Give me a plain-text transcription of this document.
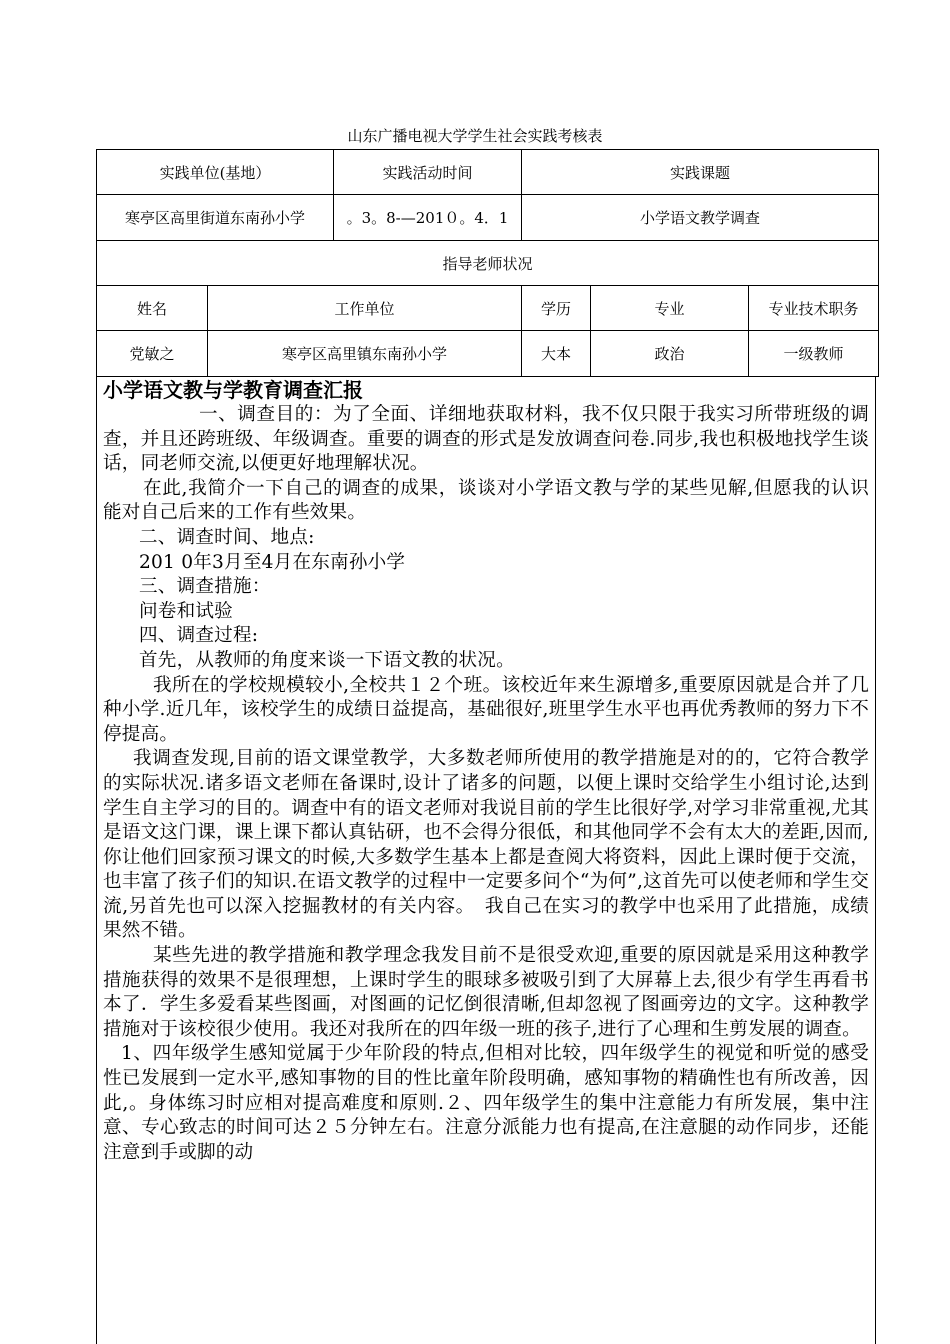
山东广播电视大学学生社会实践考核表
实践单位(基地）		实践活动时间	实践课题		
寒亭区高里街道东南孙小学		。3。8-—201０。4．1	小学语文教学调查		
指导老师状况					
姓名	工作单位		学历	专业	专业技术职务
党敏之	寒亭区高里镇东南孙小学		大本	政治	一级教师
小学语文教与学教育调查汇报

一、调查目的：为了全面、详细地获取材料，我不仅只限于我实习所带班级的调查，并且还跨班级、年级调查。重要的调查的形式是发放调查问卷.同步,我也积极地找学生谈话，同老师交流,以便更好地理解状况。

在此,我简介一下自己的调查的成果，谈谈对小学语文教与学的某些见解,但愿我的认识能对自己后来的工作有些效果。

二、调查时间、地点:

201 0年3月至4月在东南孙小学

三、调查措施：

问卷和试验

四、调查过程:

首先，从教师的角度来谈一下语文教的状况。

我所在的学校规模较小,全校共１２个班。该校近年来生源增多,重要原因就是合并了几种小学.近几年，该校学生的成绩日益提高，基础很好,班里学生水平也再优秀教师的努力下不停提高。

我调查发现,目前的语文课堂教学，大多数老师所使用的教学措施是对的的，它符合教学的实际状况.诸多语文老师在备课时,设计了诸多的问题，以便上课时交给学生小组讨论,达到学生自主学习的目的。调查中有的语文老师对我说目前的学生比很好学,对学习非常重视,尤其是语文这门课，课上课下都认真钻研，也不会得分很低，和其他同学不会有太大的差距,因而,你让他们回家预习课文的时候,大多数学生基本上都是查阅大将资料，因此上课时便于交流，也丰富了孩子们的知识.在语文教学的过程中一定要多问个“为何”,这首先可以使老师和学生交流,另首先也可以深入挖掘教材的有关内容。　我自己在实习的教学中也采用了此措施，成绩果然不错。

某些先进的教学措施和教学理念我发目前不是很受欢迎,重要的原因就是采用这种教学措施获得的效果不是很理想，上课时学生的眼球多被吸引到了大屏幕上去,很少有学生再看书本了．学生多爱看某些图画，对图画的记忆倒很清晰,但却忽视了图画旁边的文字。这种教学措施对于该校很少使用。我还对我所在的四年级一班的孩子,进行了心理和生剪发展的调查。

1、四年级学生感知觉属于少年阶段的特点,但相对比较，四年级学生的视觉和听觉的感受性已发展到一定水平,感知事物的目的性比童年阶段明确，感知事物的精确性也有所改善，因此,。身体练习时应相对提高难度和原则.２、四年级学生的集中注意能力有所发展，集中注意、专心致志的时间可达２５分钟左右。注意分派能力也有提高,在注意腿的动作同步，还能注意到手或脚的动
